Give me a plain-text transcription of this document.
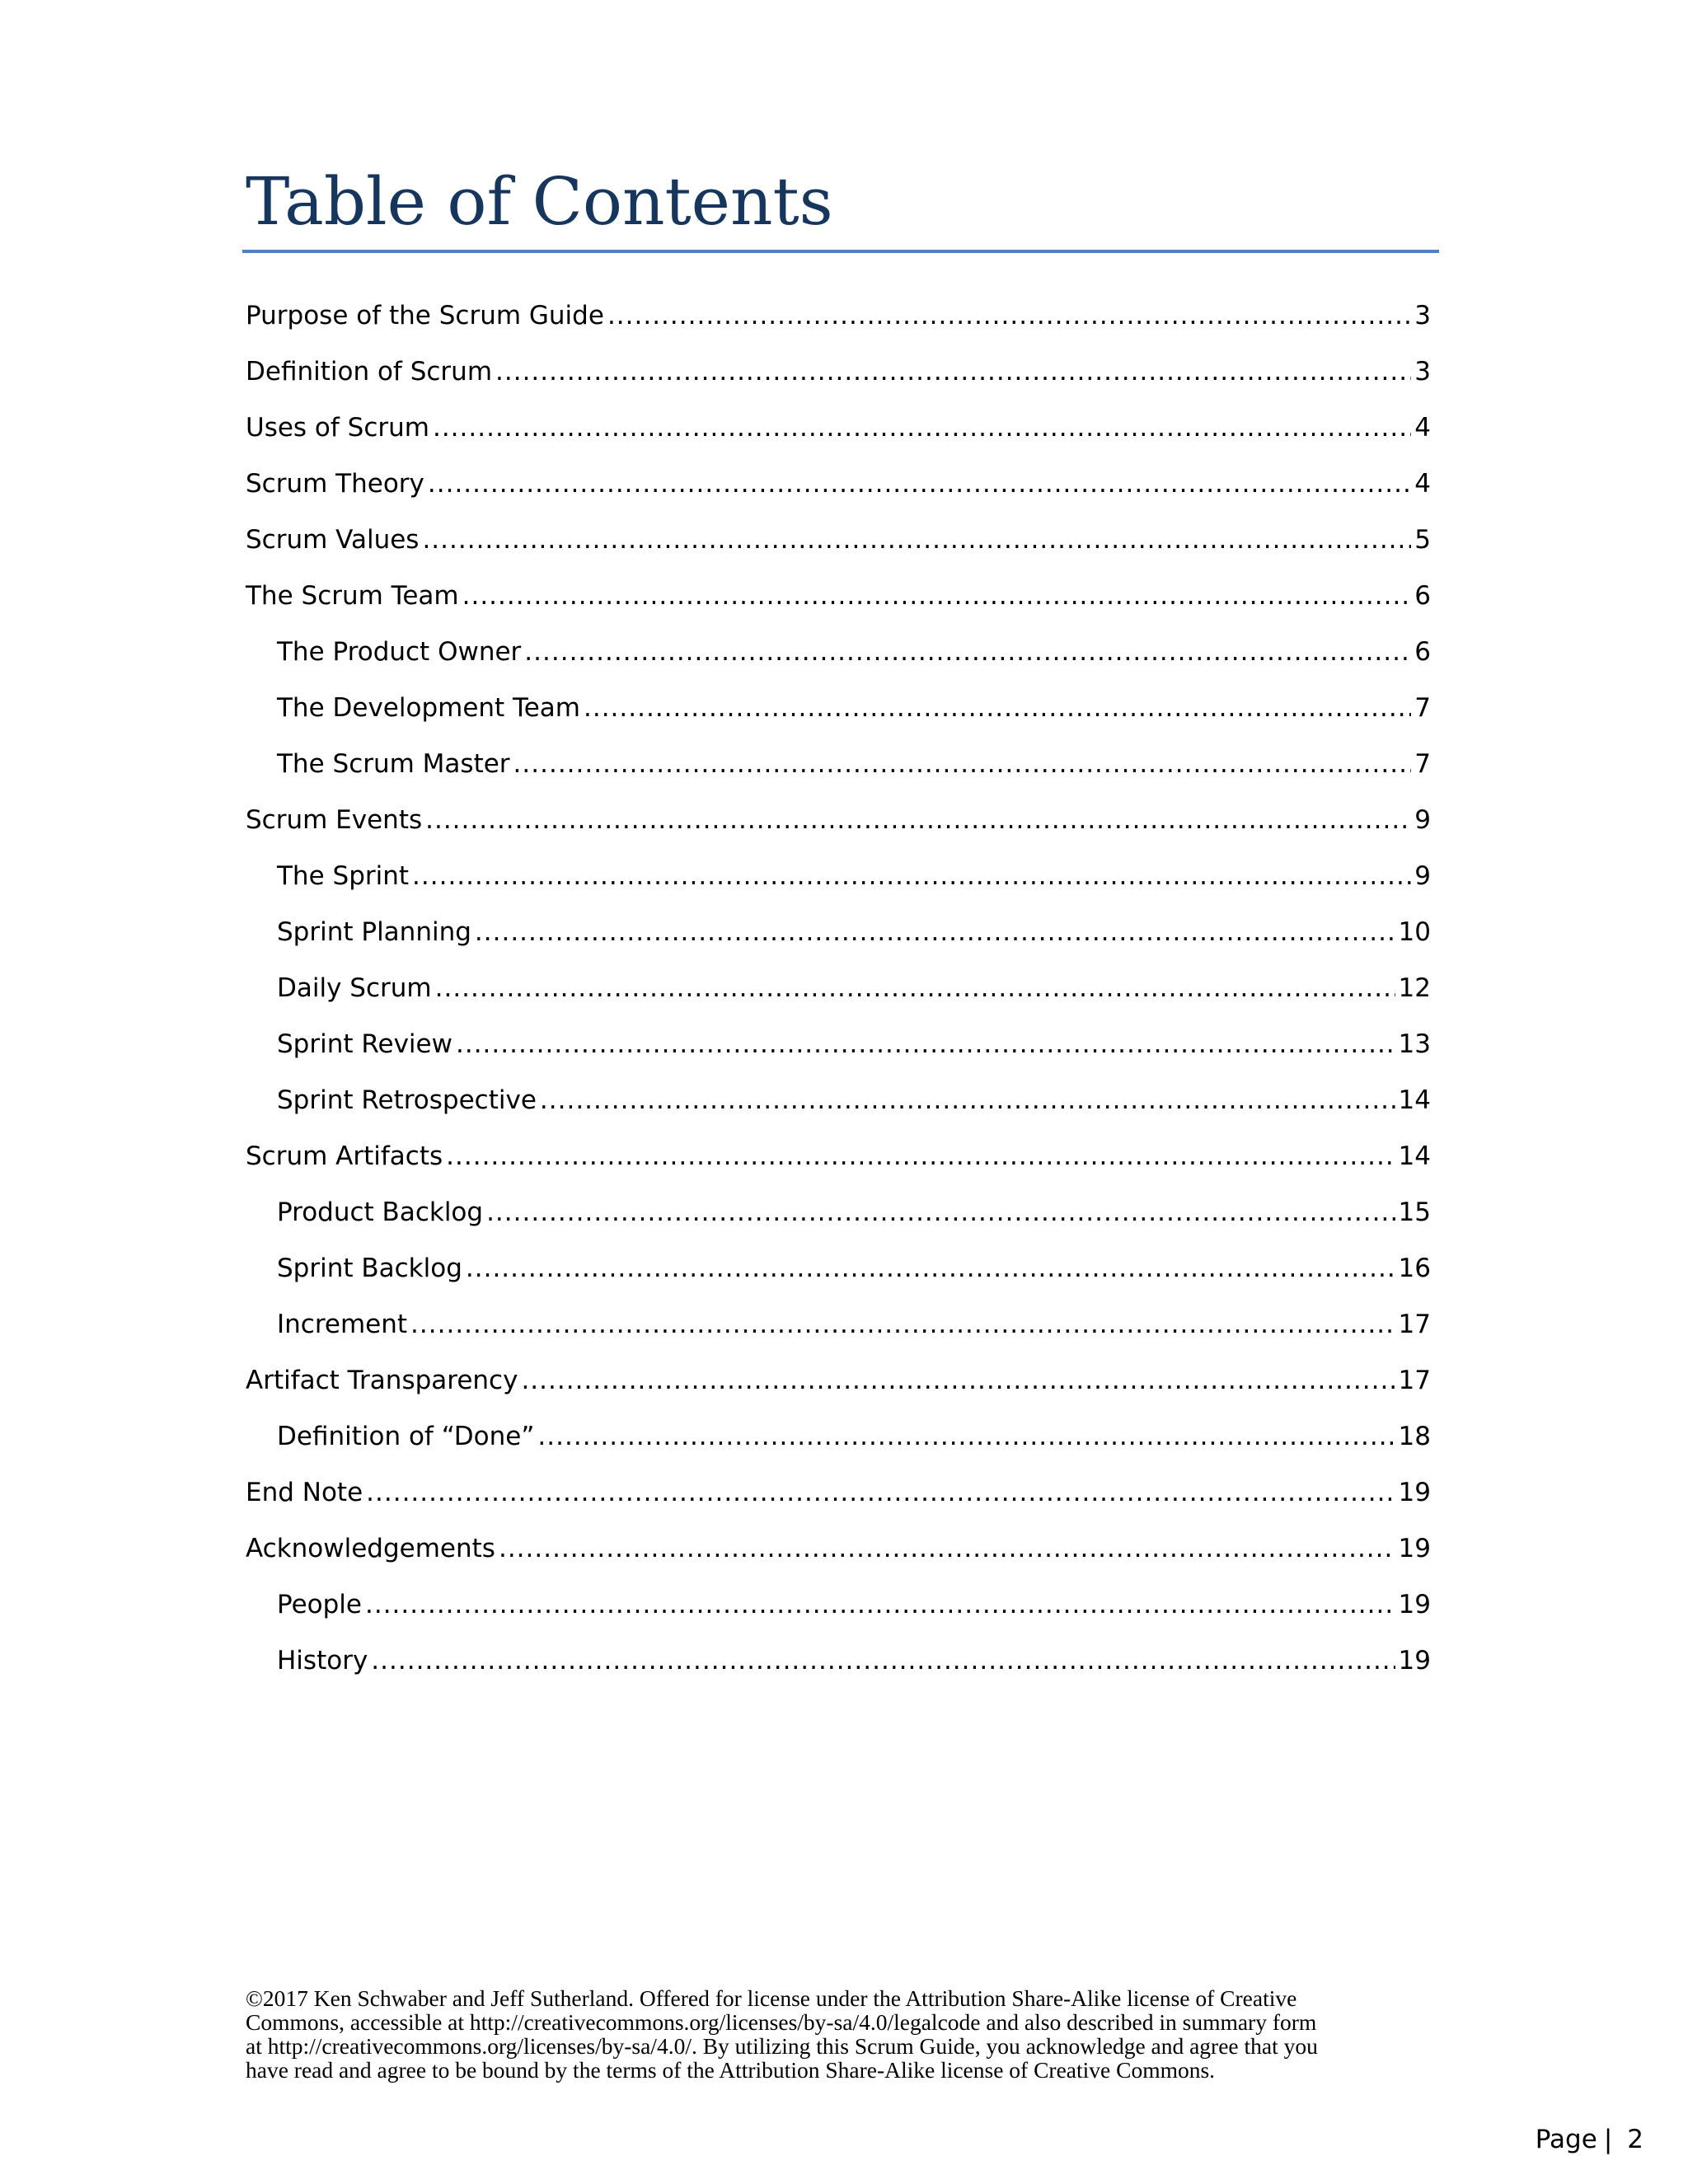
Table of Contents
Purpose of the Scrum Guide .....	3
Definition of Scrum .....	3
Uses of Scrum .....	4
Scrum Theory .....	4
Scrum Values .....	5
The Scrum Team .....	6
The Product Owner .....	6
The Development Team .....	7
The Scrum Master .....	7
Scrum Events .....	9
The Sprint .....	9
Sprint Planning .....	10
Daily Scrum .....	12
Sprint Review .....	13
Sprint Retrospective .....	14
Scrum Artifacts .....	14
Product Backlog .....	15
Sprint Backlog .....	16
Increment .....	17
Artifact Transparency .....	17
Definition of “Done” .....	18
End Note .....	19
Acknowledgements .....	19
People .....	19
History .....	19
©2017 Ken Schwaber and Jeff Sutherland. Offered for license under the Attribution Share-Alike license of Creative
Commons, accessible at http://creativecommons.org/licenses/by-sa/4.0/legalcode and also described in summary form
at http://creativecommons.org/licenses/by-sa/4.0/. By utilizing this Scrum Guide, you acknowledge and agree that you
have read and agree to be bound by the terms of the Attribution Share-Alike license of Creative Commons.
Page | 2
